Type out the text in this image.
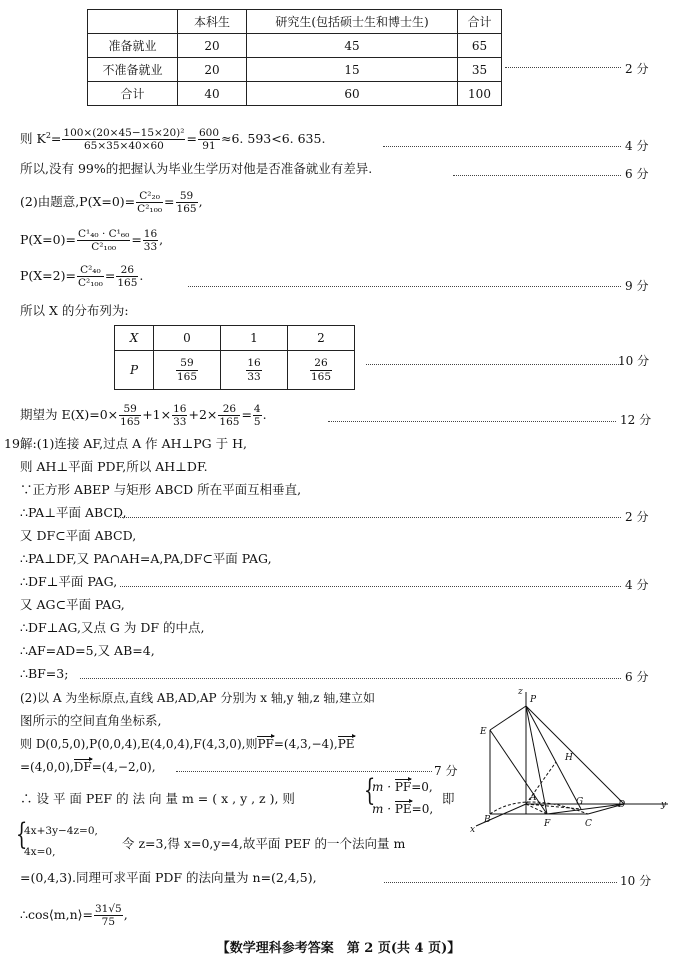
	本科生	研究生(包括硕士生和博士生)	合计
准备就业	20	45	65
不准备就业	20	15	35
合计	40	60	100
2 分
则 $K^2= \frac{\text{100×(20×45−15×20)²}}{65\times 35\times 40\times 60} = \frac{600}{91} \approx 6$. 593<6. 635.	4 分
所以,没有 99%的把握认为毕业生学历对他是否准备就业有差异.	6 分
(2)由题意$,P(X=0)= \frac{\text{C²₂₀}}{\text{C²₁₀₀}} = \frac{59}{165}$ ,
$P(X=0)= \frac{\text{C¹₄₀ · C¹₆₀}}{\text{C²₁₀₀}} = \frac{16}{33}$ ,
$P(X=2)= \frac{\text{C²₄₀}}{\text{C²₁₀₀}} = \frac{26}{165}$ .
9 分
所以 X 的分布列为:
X	0	1	2
P	$\frac{59}{165}$	$\frac{16}{33}$	$\frac{26}{165}$	10 分
期望为 $E(X)=0\times \frac{59}{165} +1\times \frac{16}{33} +2\times \frac{26}{165} = \frac{4}{5}$ .	12 分
19.
解:(1)连接 AF,过点 A 作 AH⊥PG 于 H,
则 AH⊥平面 PDF,所以 AH⊥DF.
∵正方形 ABEP 与矩形 ABCD 所在平面互相垂直,
∴PA⊥平面 ABCD,	2 分
又 DF⊂平面 ABCD,
∴PA⊥DF,又 PA∩AH=A,PA,DF⊂平面 PAG,
∴DF⊥平面 PAG,	4 分
又 AG⊂平面 PAG,
∴DF⊥AG,又点 G 为 DF 的中点,
∴AF=AD=5,又 AB=4,
∴BF=3;	6 分
(2)以 A 为坐标原点,直线 AB,AD,AP 分别为 x 轴,y 轴,z 轴,建立如
图所示的空间直角坐标系,
则 D(0,5,0),P(0,0,4),E(4,0,4),F(4,3,0),则PF=(4,3,−4),PE
=(4,0,0),DF=(4,−2,0),	7 分
∴ 设 平 面 PEF 的 法 向 量 m = ( x , y , z ), 则 {
m · PF=0,
m · PE=0,
即
{
4x+3y−4z=0,
4x=0,
令 z=3,得 x=0,y=4,故平面 PEF 的一个法向量 m
=(0,4,3).同理可求平面 PDF 的法向量为 n=(2,4,5),	10 分
∴cos⟨m,n⟩= $\frac{31√5}{75}$ ,
z
P
E
H
A	G	D	y
B	F	C
x
【数学理科参考答案　第 2 页(共 4 页)】
